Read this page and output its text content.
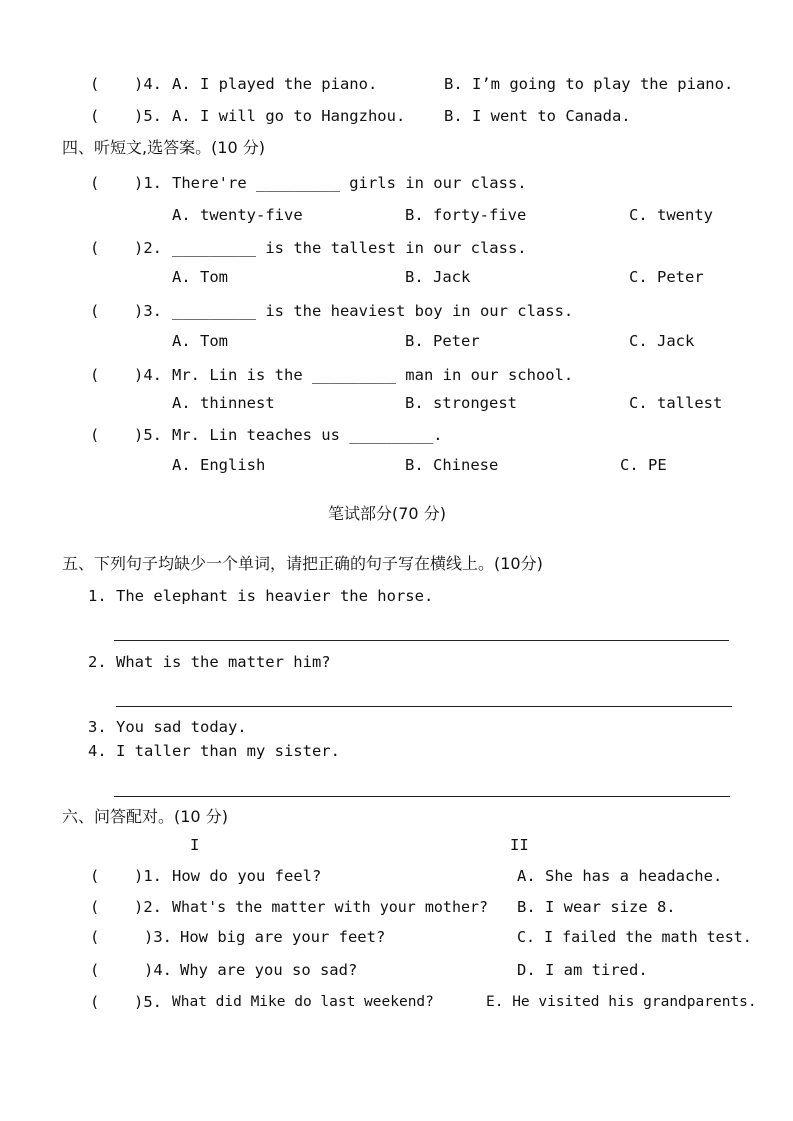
( )4. A. I played the piano.	B. I’m going to play the piano.
( )5. A. I will go to Hangzhou. B. I went to Canada.
四、听短文,选答案。(10 分)
( )1. There're _________ girls in our class.
A. twenty-five	B. forty-five	C. twenty
( )2. _________ is the tallest in our class.
A. Tom	B. Jack	C. Peter
( )3. _________ is the heaviest boy in our class.
A. Tom	B. Peter	C. Jack
( )4. Mr. Lin is the _________ man in our school.
A. thinnest	B. strongest	C. tallest
( )5. Mr. Lin teaches us _________.
A. English	B. Chinese	C. PE
笔试部分(70 分)
五、下列句子均缺少一个单词，请把正确的句子写在横线上。(10分)
1. The elephant is heavier the horse.
2. What is the matter him?
3. You sad today.
4. I taller than my sister.
六、问答配对。(10 分)
I	II
( )1. How do you feel?	A. She has a headache.
( )2. What's the matter with your mother? B. I wear size 8.
(	)3. How big are your feet?	C. I failed the math test.
(	)4. Why are you so sad?	D. I am tired.
( )5. What did Mike do last weekend?	E. He visited his grandparents.
